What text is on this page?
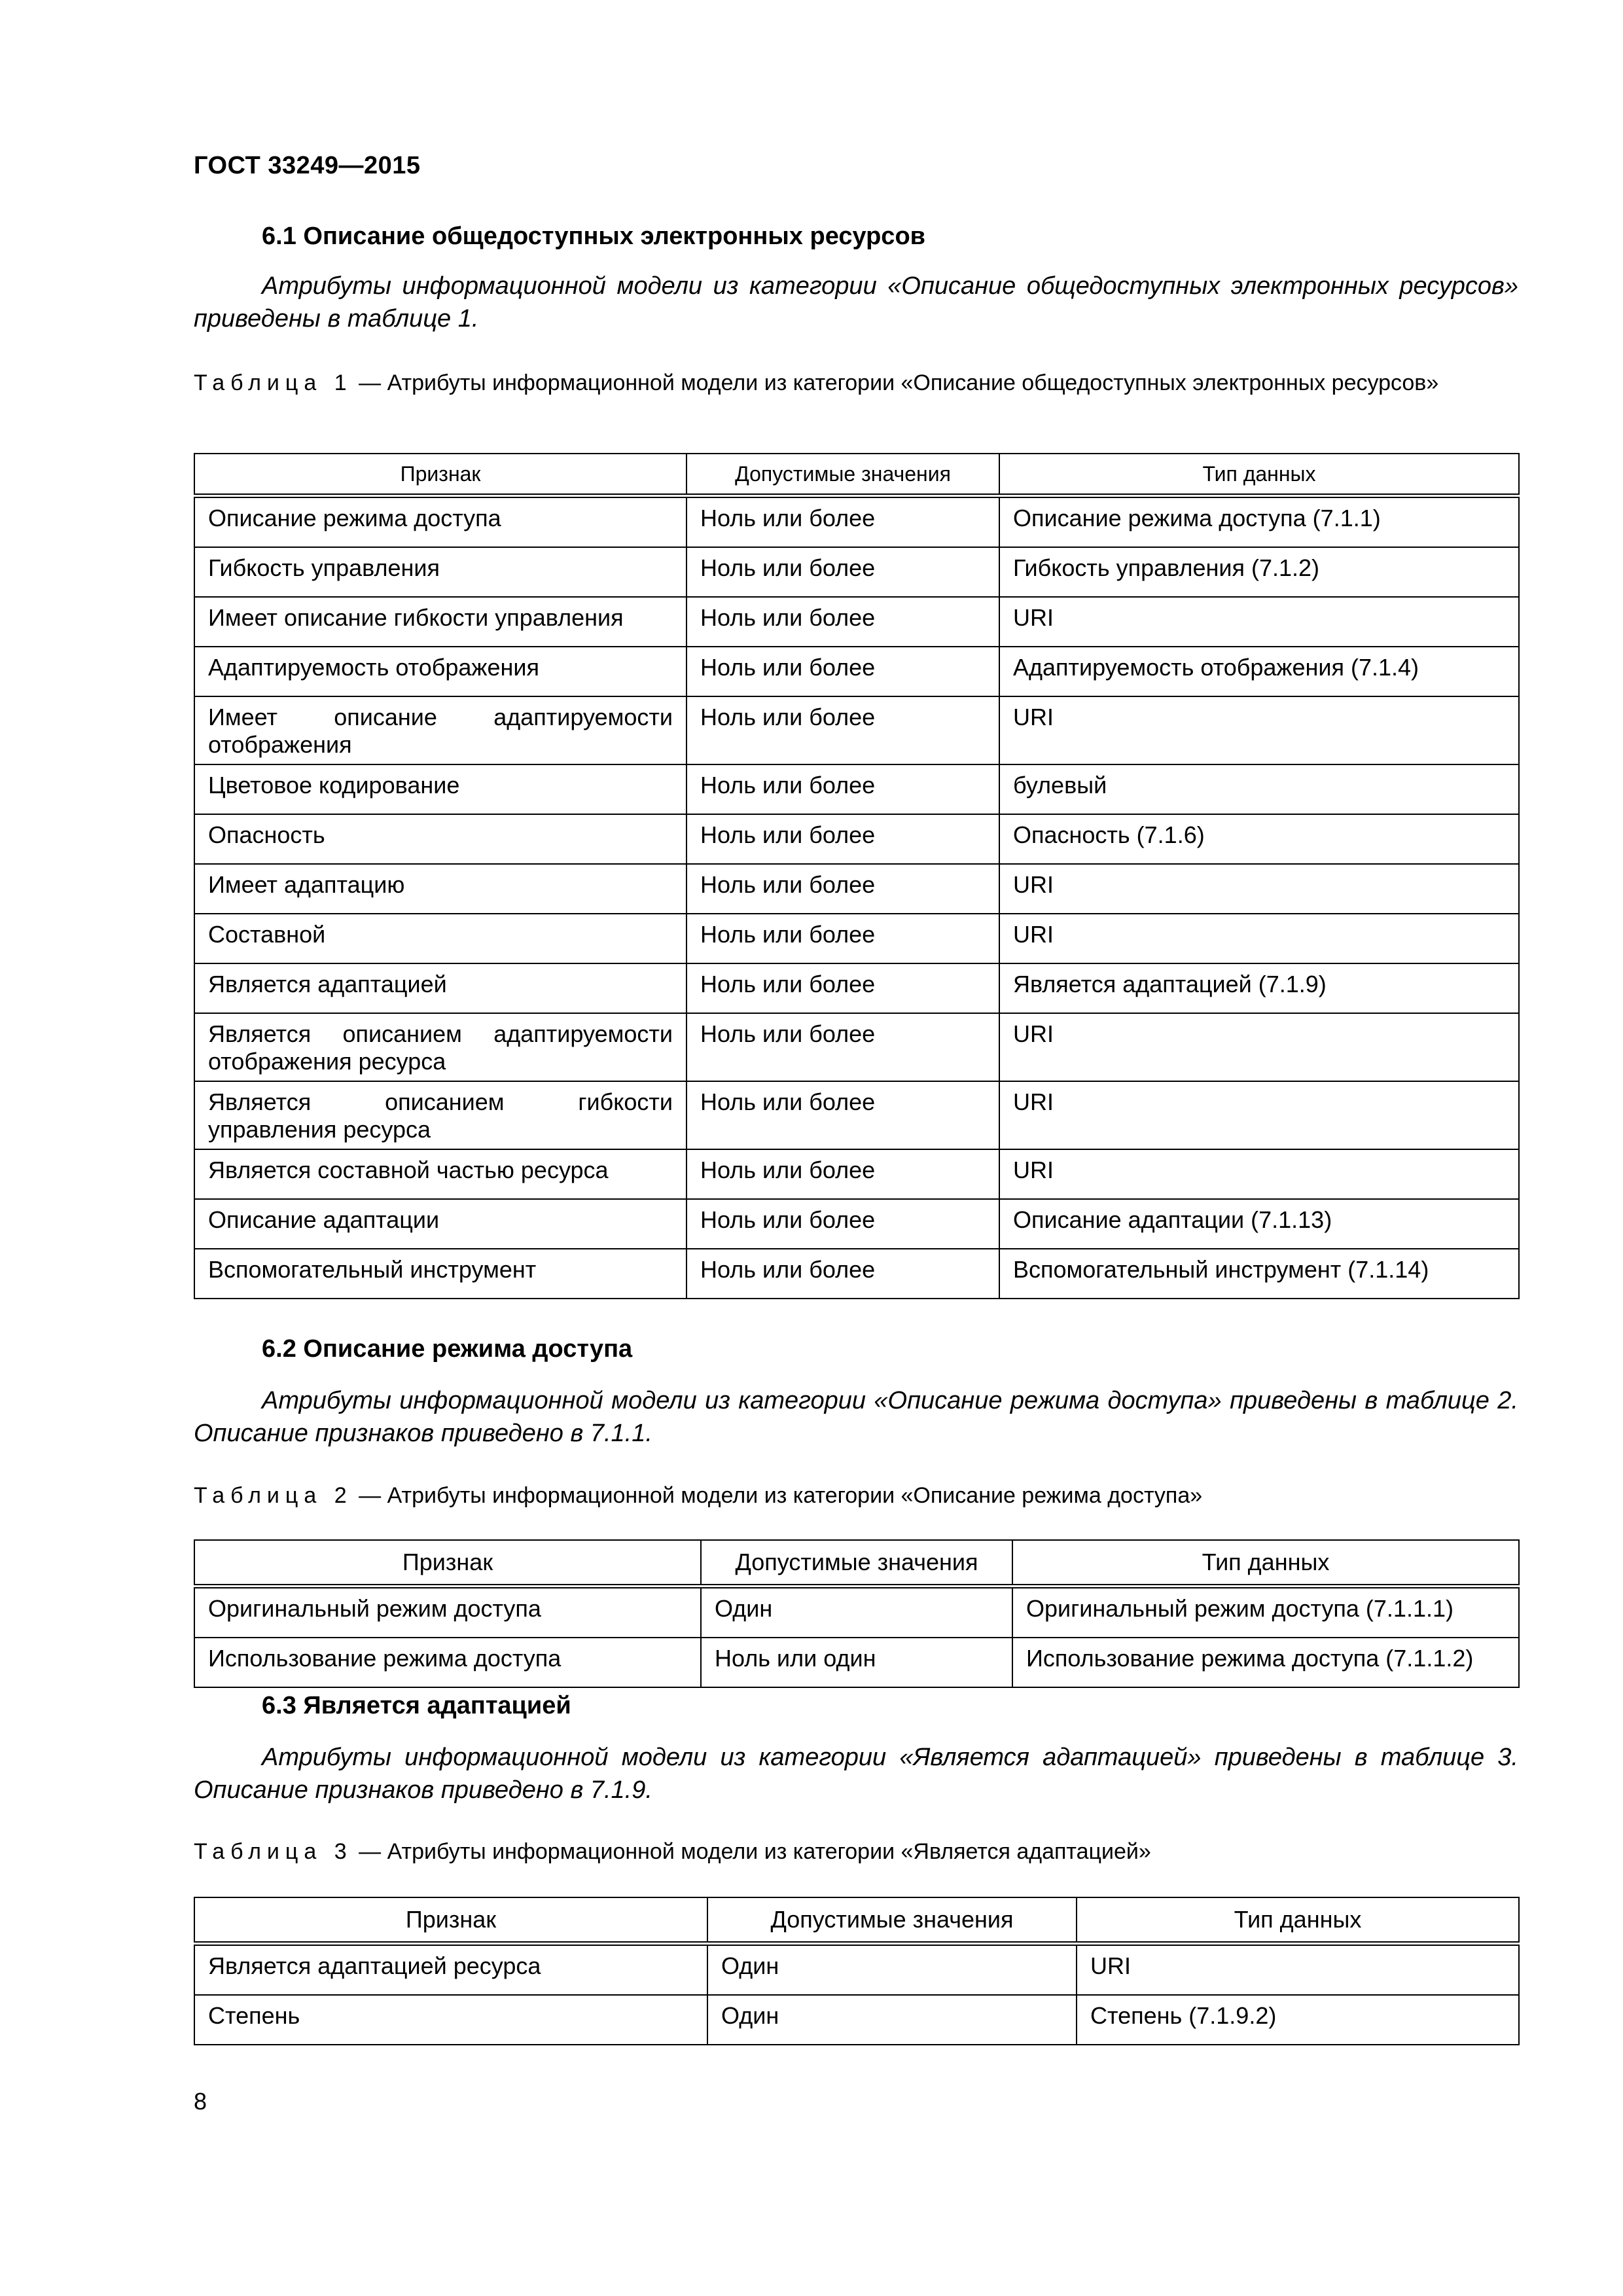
ГОСТ 33249—2015
6.1 Описание общедоступных электронных ресурсов

Атрибуты информационной модели из категории «Описание общедоступных электронных ресурсов» приведены в таблице 1.

Таблица 1 — Атрибуты информационной модели из категории «Описание общедоступных электронных ресурсов»

Признак	Допустимые значения	Тип данных
Описание режима доступа	Ноль или более	Описание режима доступа (7.1.1)
Гибкость управления	Ноль или более	Гибкость управления (7.1.2)
Имеет описание гибкости управления	Ноль или более	URI
Адаптируемость отображения	Ноль или более	Адаптируемость отображения (7.1.4)
Имеет описание адаптируемости отображения	Ноль или более	URI
Цветовое кодирование	Ноль или более	булевый
Опасность	Ноль или более	Опасность (7.1.6)
Имеет адаптацию	Ноль или более	URI
Составной	Ноль или более	URI
Является адаптацией	Ноль или более	Является адаптацией (7.1.9)
Является описанием адаптируемости отображения ресурса	Ноль или более	URI
Является описанием гибкости управления ресурса	Ноль или более	URI
Является составной частью ресурса	Ноль или более	URI
Описание адаптации	Ноль или более	Описание адаптации (7.1.13)
Вспомогательный инструмент	Ноль или более	Вспомогательный инструмент (7.1.14)
6.2 Описание режима доступа

Атрибуты информационной модели из категории «Описание режима доступа» приведены в таблице 2. Описание признаков приведено в 7.1.1.

Таблица 2 — Атрибуты информационной модели из категории «Описание режима доступа»

Признак	Допустимые значения	Тип данных
Оригинальный режим доступа	Один	Оригинальный режим доступа (7.1.1.1)
Использование режима доступа	Ноль или один	Использование режима доступа (7.1.1.2)
6.3 Является адаптацией

Атрибуты информационной модели из категории «Является адаптацией» приведены в таблице 3. Описание признаков приведено в 7.1.9.

Таблица 3 — Атрибуты информационной модели из категории «Является адаптацией»

Признак	Допустимые значения	Тип данных
Является адаптацией ресурса	Один	URI
Степень	Один	Степень (7.1.9.2)
8
